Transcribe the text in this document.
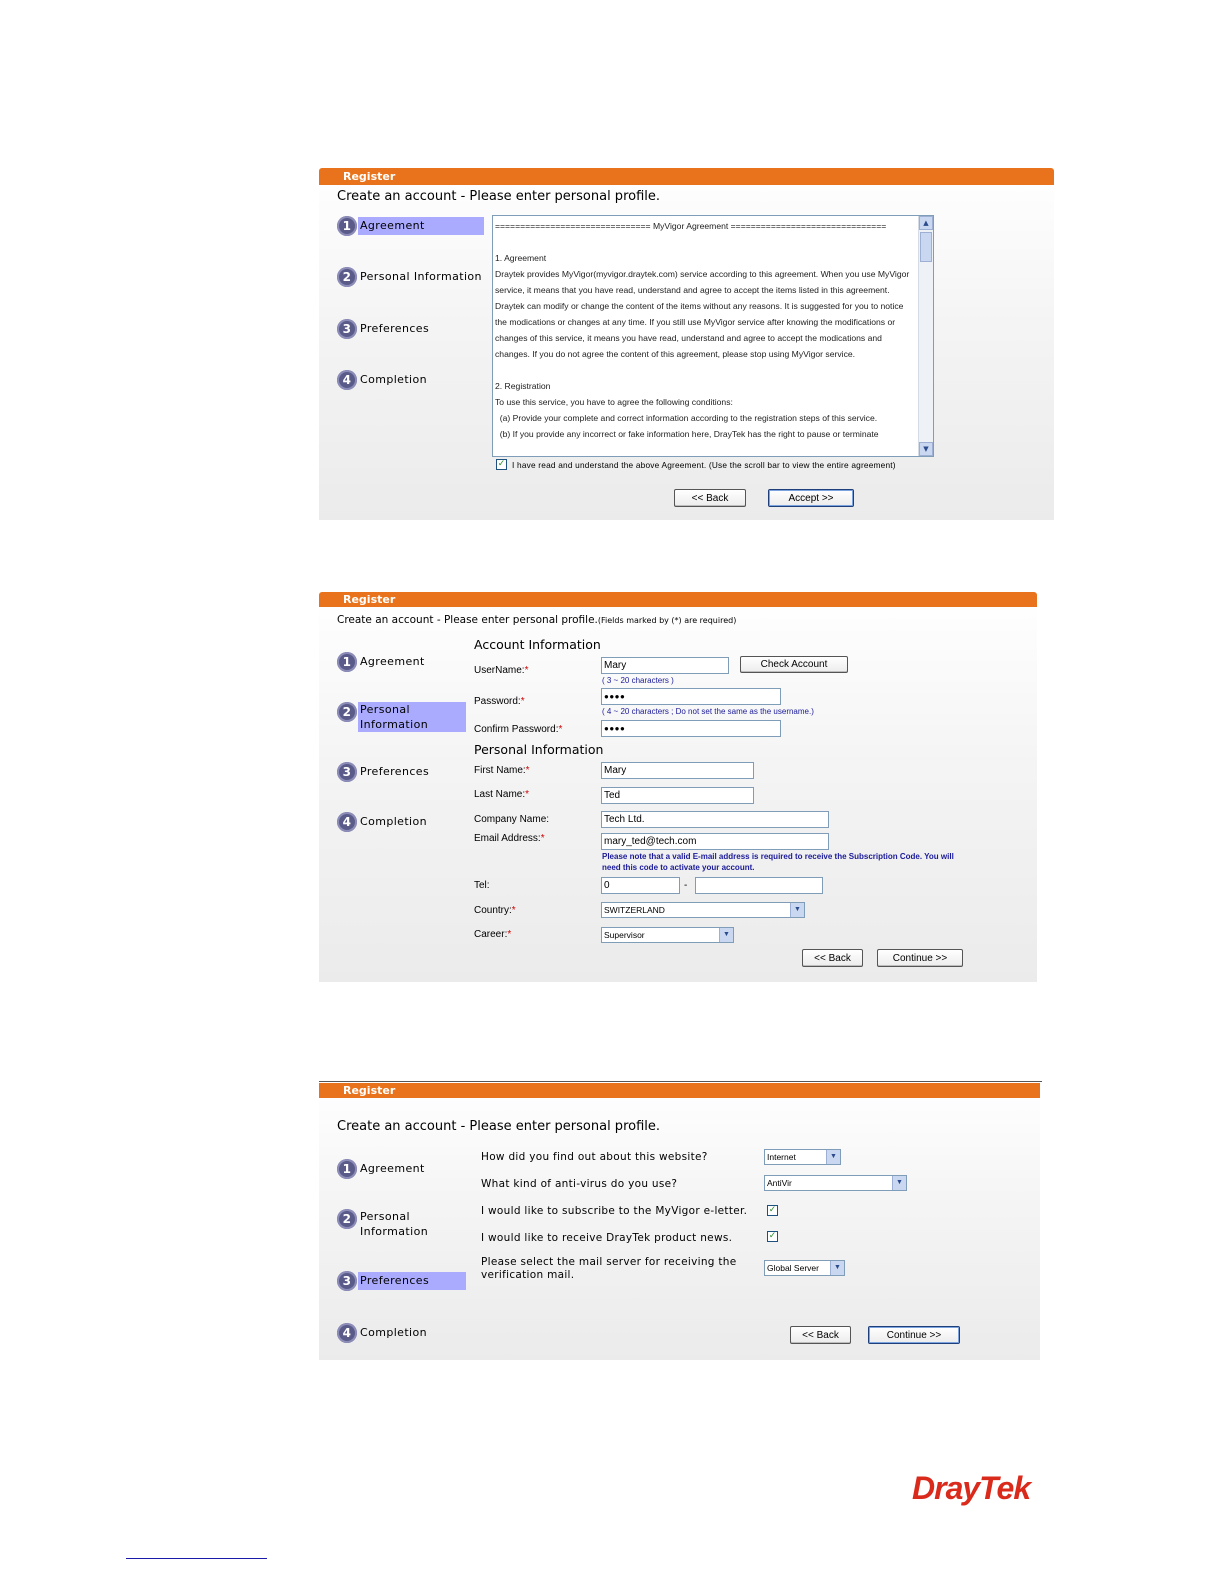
Register
Create an account - Please enter personal profile.
1 Agreement
2 Personal Information
3 Preferences
4 Completion
=============================== MyVigor Agreement ===============================

1. Agreement
Draytek provides MyVigor(myvigor.draytek.com) service according to this agreement. When you use MyVigor service, it means that you have read, understand and agree to accept the items listed in this agreement. Draytek can modify or change the content of the items without any reasons. It is suggested for you to notice the modications or changes at any time. If you still use MyVigor service after knowing the modifications or changes of this service, it means you have read, understand and agree to accept the modications and changes. If you do not agree the content of this agreement, please stop using MyVigor service.

2. Registration
To use this service, you have to agree the following conditions:
(a) Provide your complete and correct information according to the registration steps of this service.
(b) If you provide any incorrect or fake information here, DrayTek has the right to pause or terminate
▲
▼
✓ I have read and understand the above Agreement. (Use the scroll bar to view the entire agreement)
<< Back	Accept >>
Register
Create an account - Please enter personal profile.(Fields marked by (*) are required)
1 Agreement
2 Personal Information
3 Preferences
4 Completion
Account Information
UserName:*	Mary	Check Account
( 3 ~ 20 characters )
Password:*	●●●●
( 4 ~ 20 characters ; Do not set the same as the username.)
Confirm Password:*	●●●●
Personal Information
First Name:*	Mary
Last Name:*	Ted
Company Name:	Tech Ltd.
Email Address:*	mary_ted@tech.com
Please note that a valid E-mail address is required to receive the Subscription Code. You will
need this code to activate your account.
Tel:	0	-
Country:*	SWITZERLAND	▼
Career:*	Supervisor	▼
<< Back	Continue >>
Register
Create an account - Please enter personal profile.
1 Agreement
2 Personal Information
3 Preferences
4 Completion
How did you find out about this website?	Internet	▼
What kind of anti-virus do you use?	AntiVir	▼
I would like to subscribe to the MyVigor e-letter. ✓
I would like to receive DrayTek product news.	✓
Please select the mail server for receiving the
verification mail.
Global Server	▼
<< Back	Continue >>
DrayTek
